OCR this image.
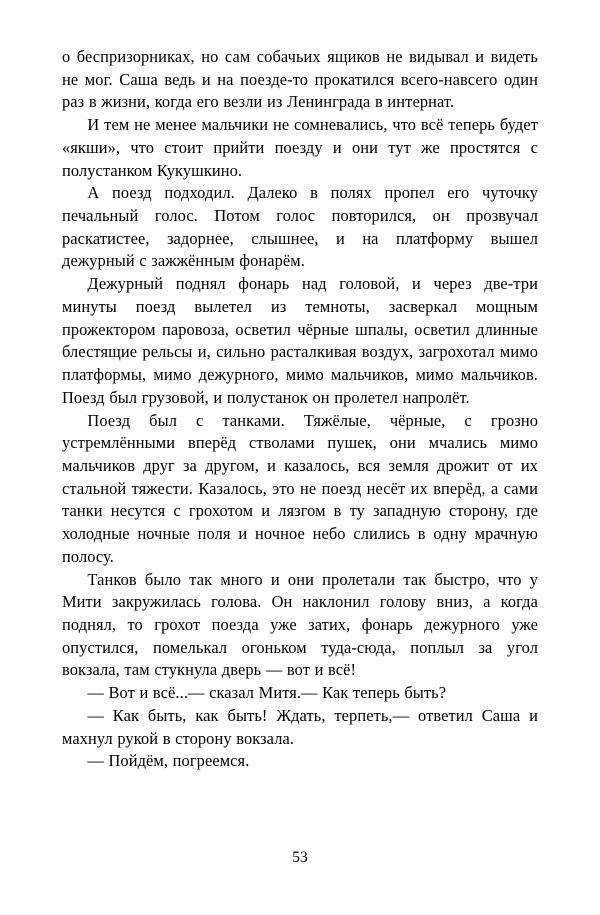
о беспризорниках, но сам собачьих ящиков не видывал и видеть не мог. Саша ведь и на поезде-то прокатился всего-навсего один раз в жизни, когда его везли из Ленинграда в интернат.

И тем не менее мальчики не сомневались, что всё теперь будет «якши», что стоит прийти поезду и они тут же простятся с полустанком Кукушкино.

А поезд подходил. Далеко в полях пропел его чуточку печальный голос. Потом голос повторился, он прозвучал раскатистее, задорнее, слышнее, и на платформу вышел дежурный с зажжённым фонарём.

Дежурный поднял фонарь над головой, и через две-три минуты поезд вылетел из темноты, засверкал мощным прожектором паровоза, осветил чёрные шпалы, осветил длинные блестящие рельсы и, сильно расталкивая воздух, загрохотал мимо платформы, мимо дежурного, мимо мальчиков, мимо мальчиков. Поезд был грузовой, и полустанок он пролетел напролёт.

Поезд был с танками. Тяжёлые, чёрные, с грозно устремлёнными вперёд стволами пушек, они мчались мимо мальчиков друг за другом, и казалось, вся земля дрожит от их стальной тяжести. Казалось, это не поезд несёт их вперёд, а сами танки несутся с грохотом и лязгом в ту западную сторону, где холодные ночные поля и ночное небо слились в одну мрачную полосу.

Танков было так много и они пролетали так быстро, что у Мити закружилась голова. Он наклонил голову вниз, а когда поднял, то грохот поезда уже затих, фонарь дежурного уже опустился, помелькал огоньком туда-сюда, поплыл за угол вокзала, там стукнула дверь — вот и всё!

— Вот и всё...— сказал Митя.— Как теперь быть?

— Как быть, как быть! Ждать, терпеть,— ответил Саша и махнул рукой в сторону вокзала.

— Пойдём, погреемся.

53
